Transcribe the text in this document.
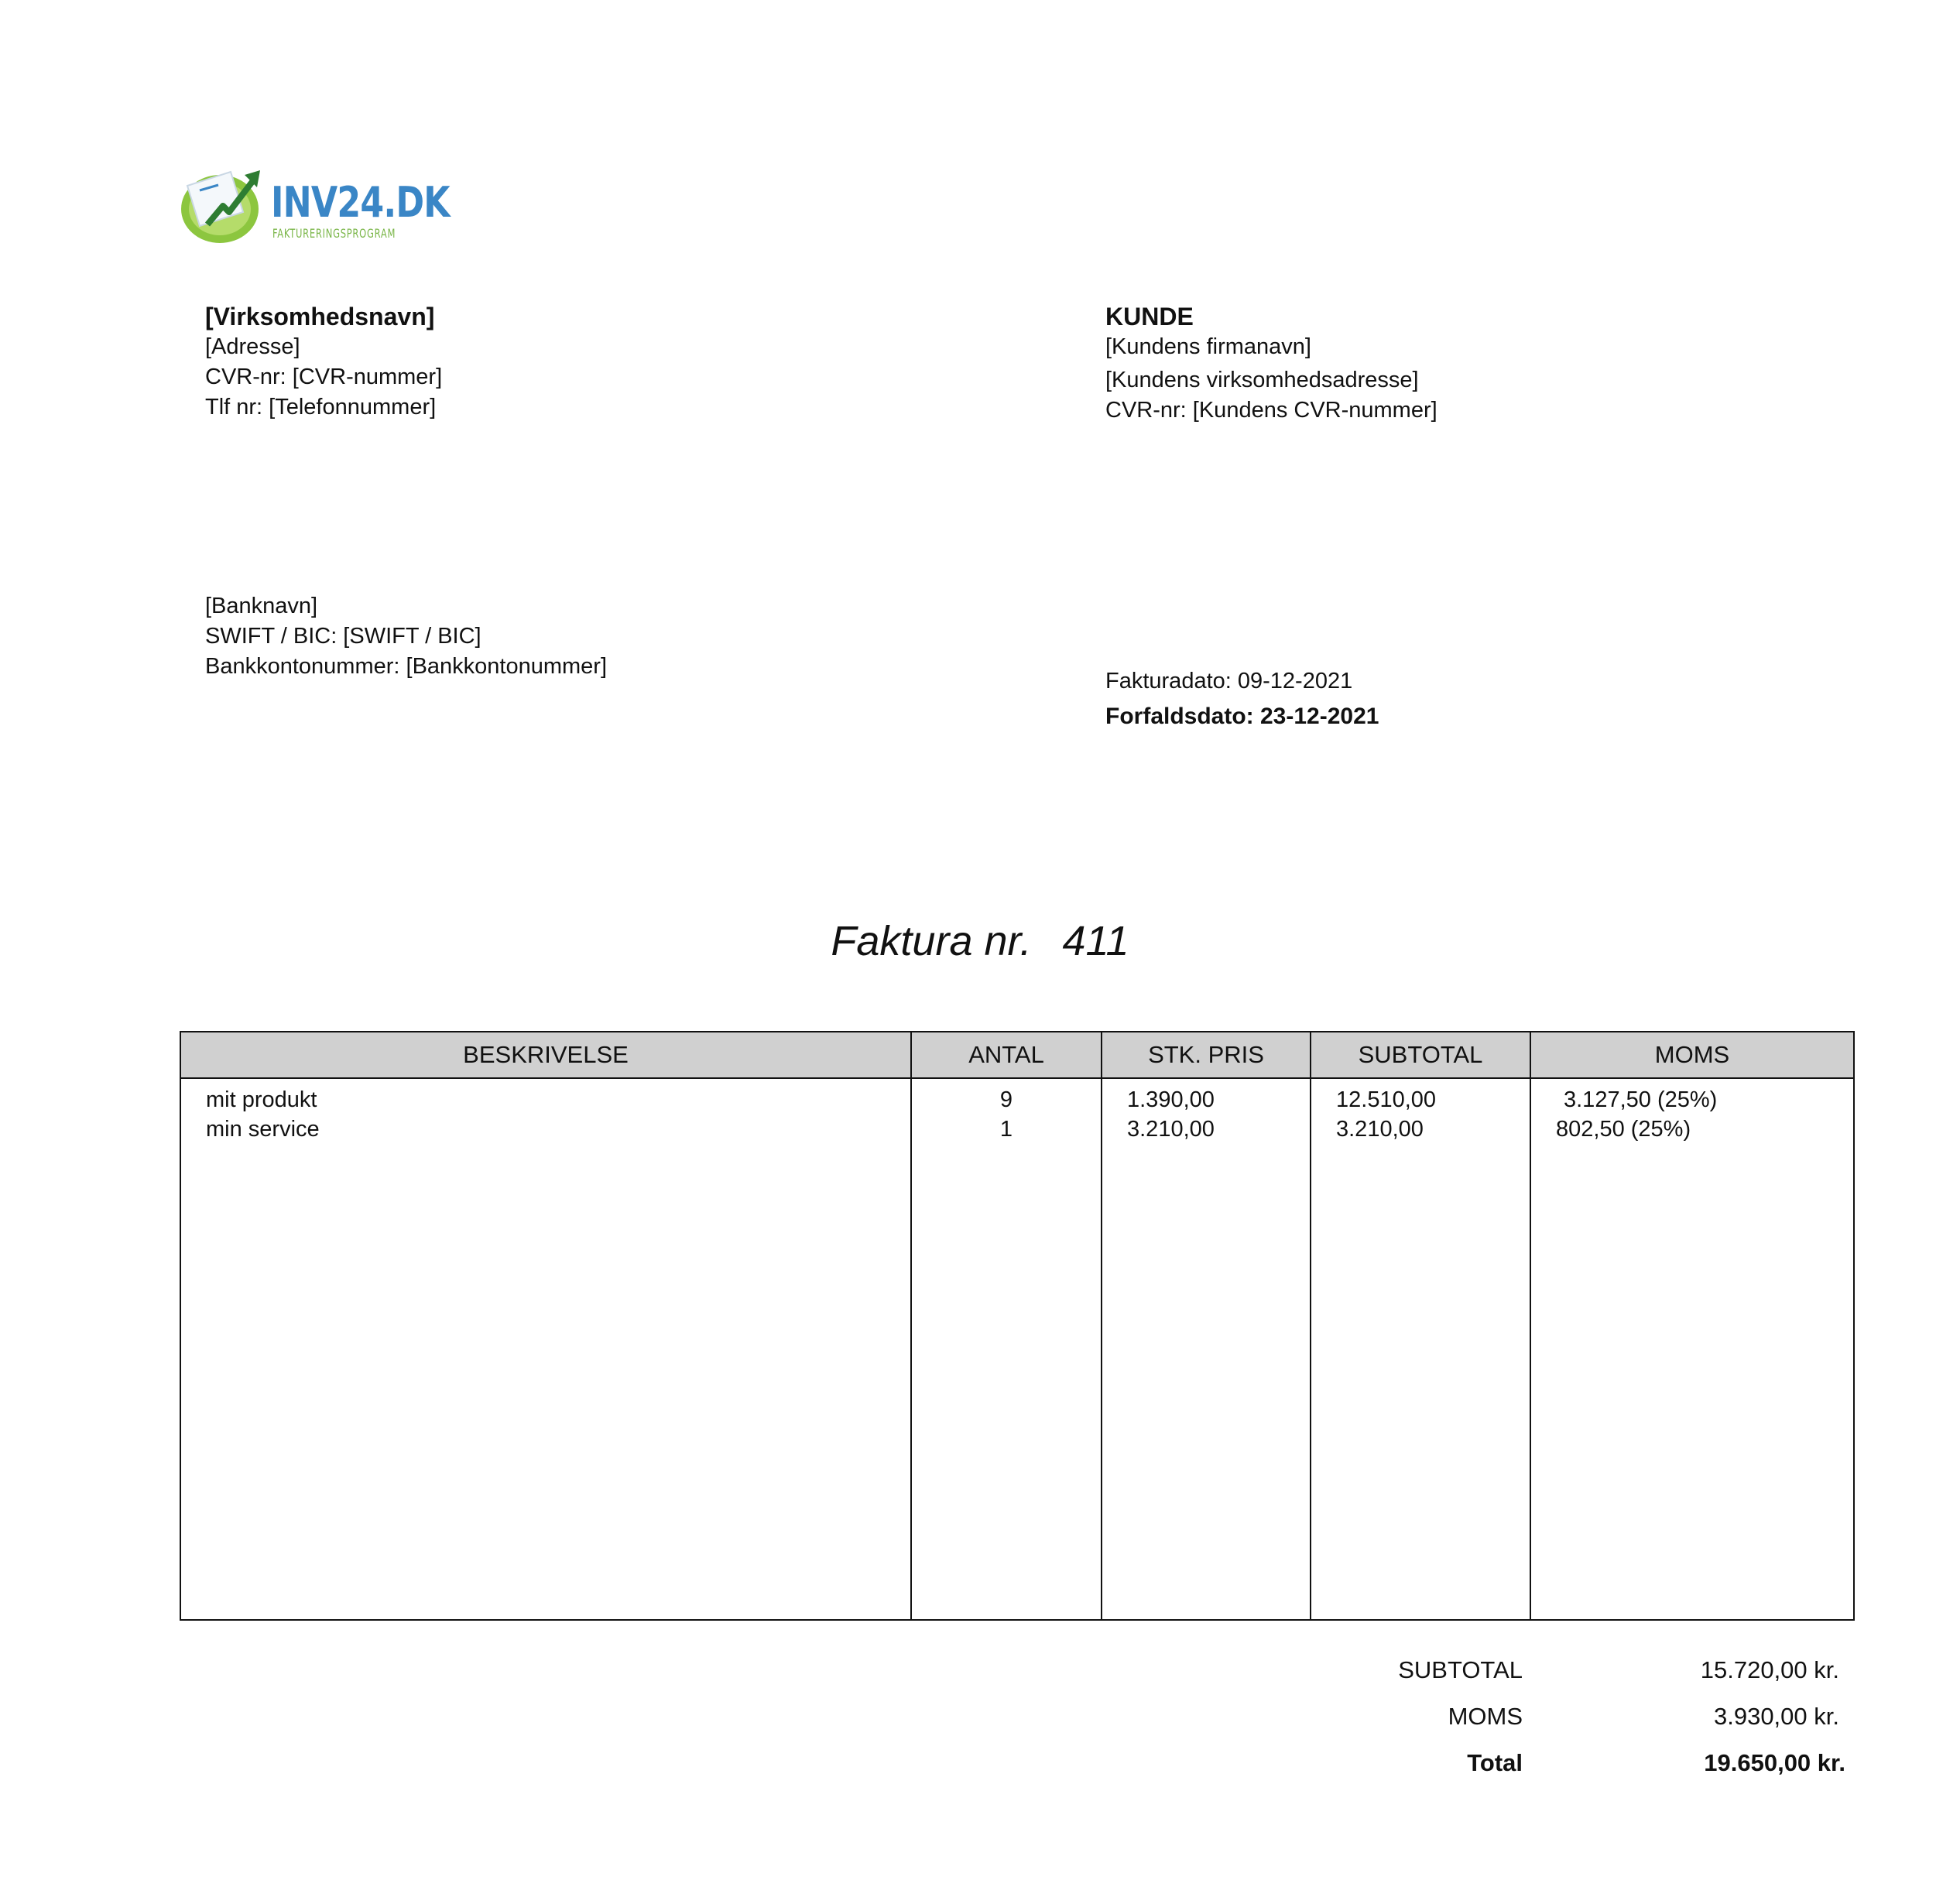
INV24.DK
FAKTURERINGSPROGRAM
[Virksomhedsnavn]
[Adresse]
CVR-nr: [CVR-nummer]
Tlf nr: [Telefonnummer]
KUNDE
[Kundens firmanavn]
[Kundens virksomhedsadresse]
CVR-nr: [Kundens CVR-nummer]
[Banknavn]
SWIFT / BIC: [SWIFT / BIC]
Bankkontonummer: [Bankkontonummer]
Fakturadato: 09-12-2021
Forfaldsdato: 23-12-2021
Faktura nr. 411
BESKRIVELSE	ANTAL	STK. PRIS	SUBTOTAL	MOMS
mit produkt	9	1.390,00	12.510,00	3.127,50 (25%)
min service	1	3.210,00	3.210,00	802,50 (25%)
SUBTOTAL	15.720,00 kr.
MOMS	3.930,00 kr.
Total	19.650,00 kr.
